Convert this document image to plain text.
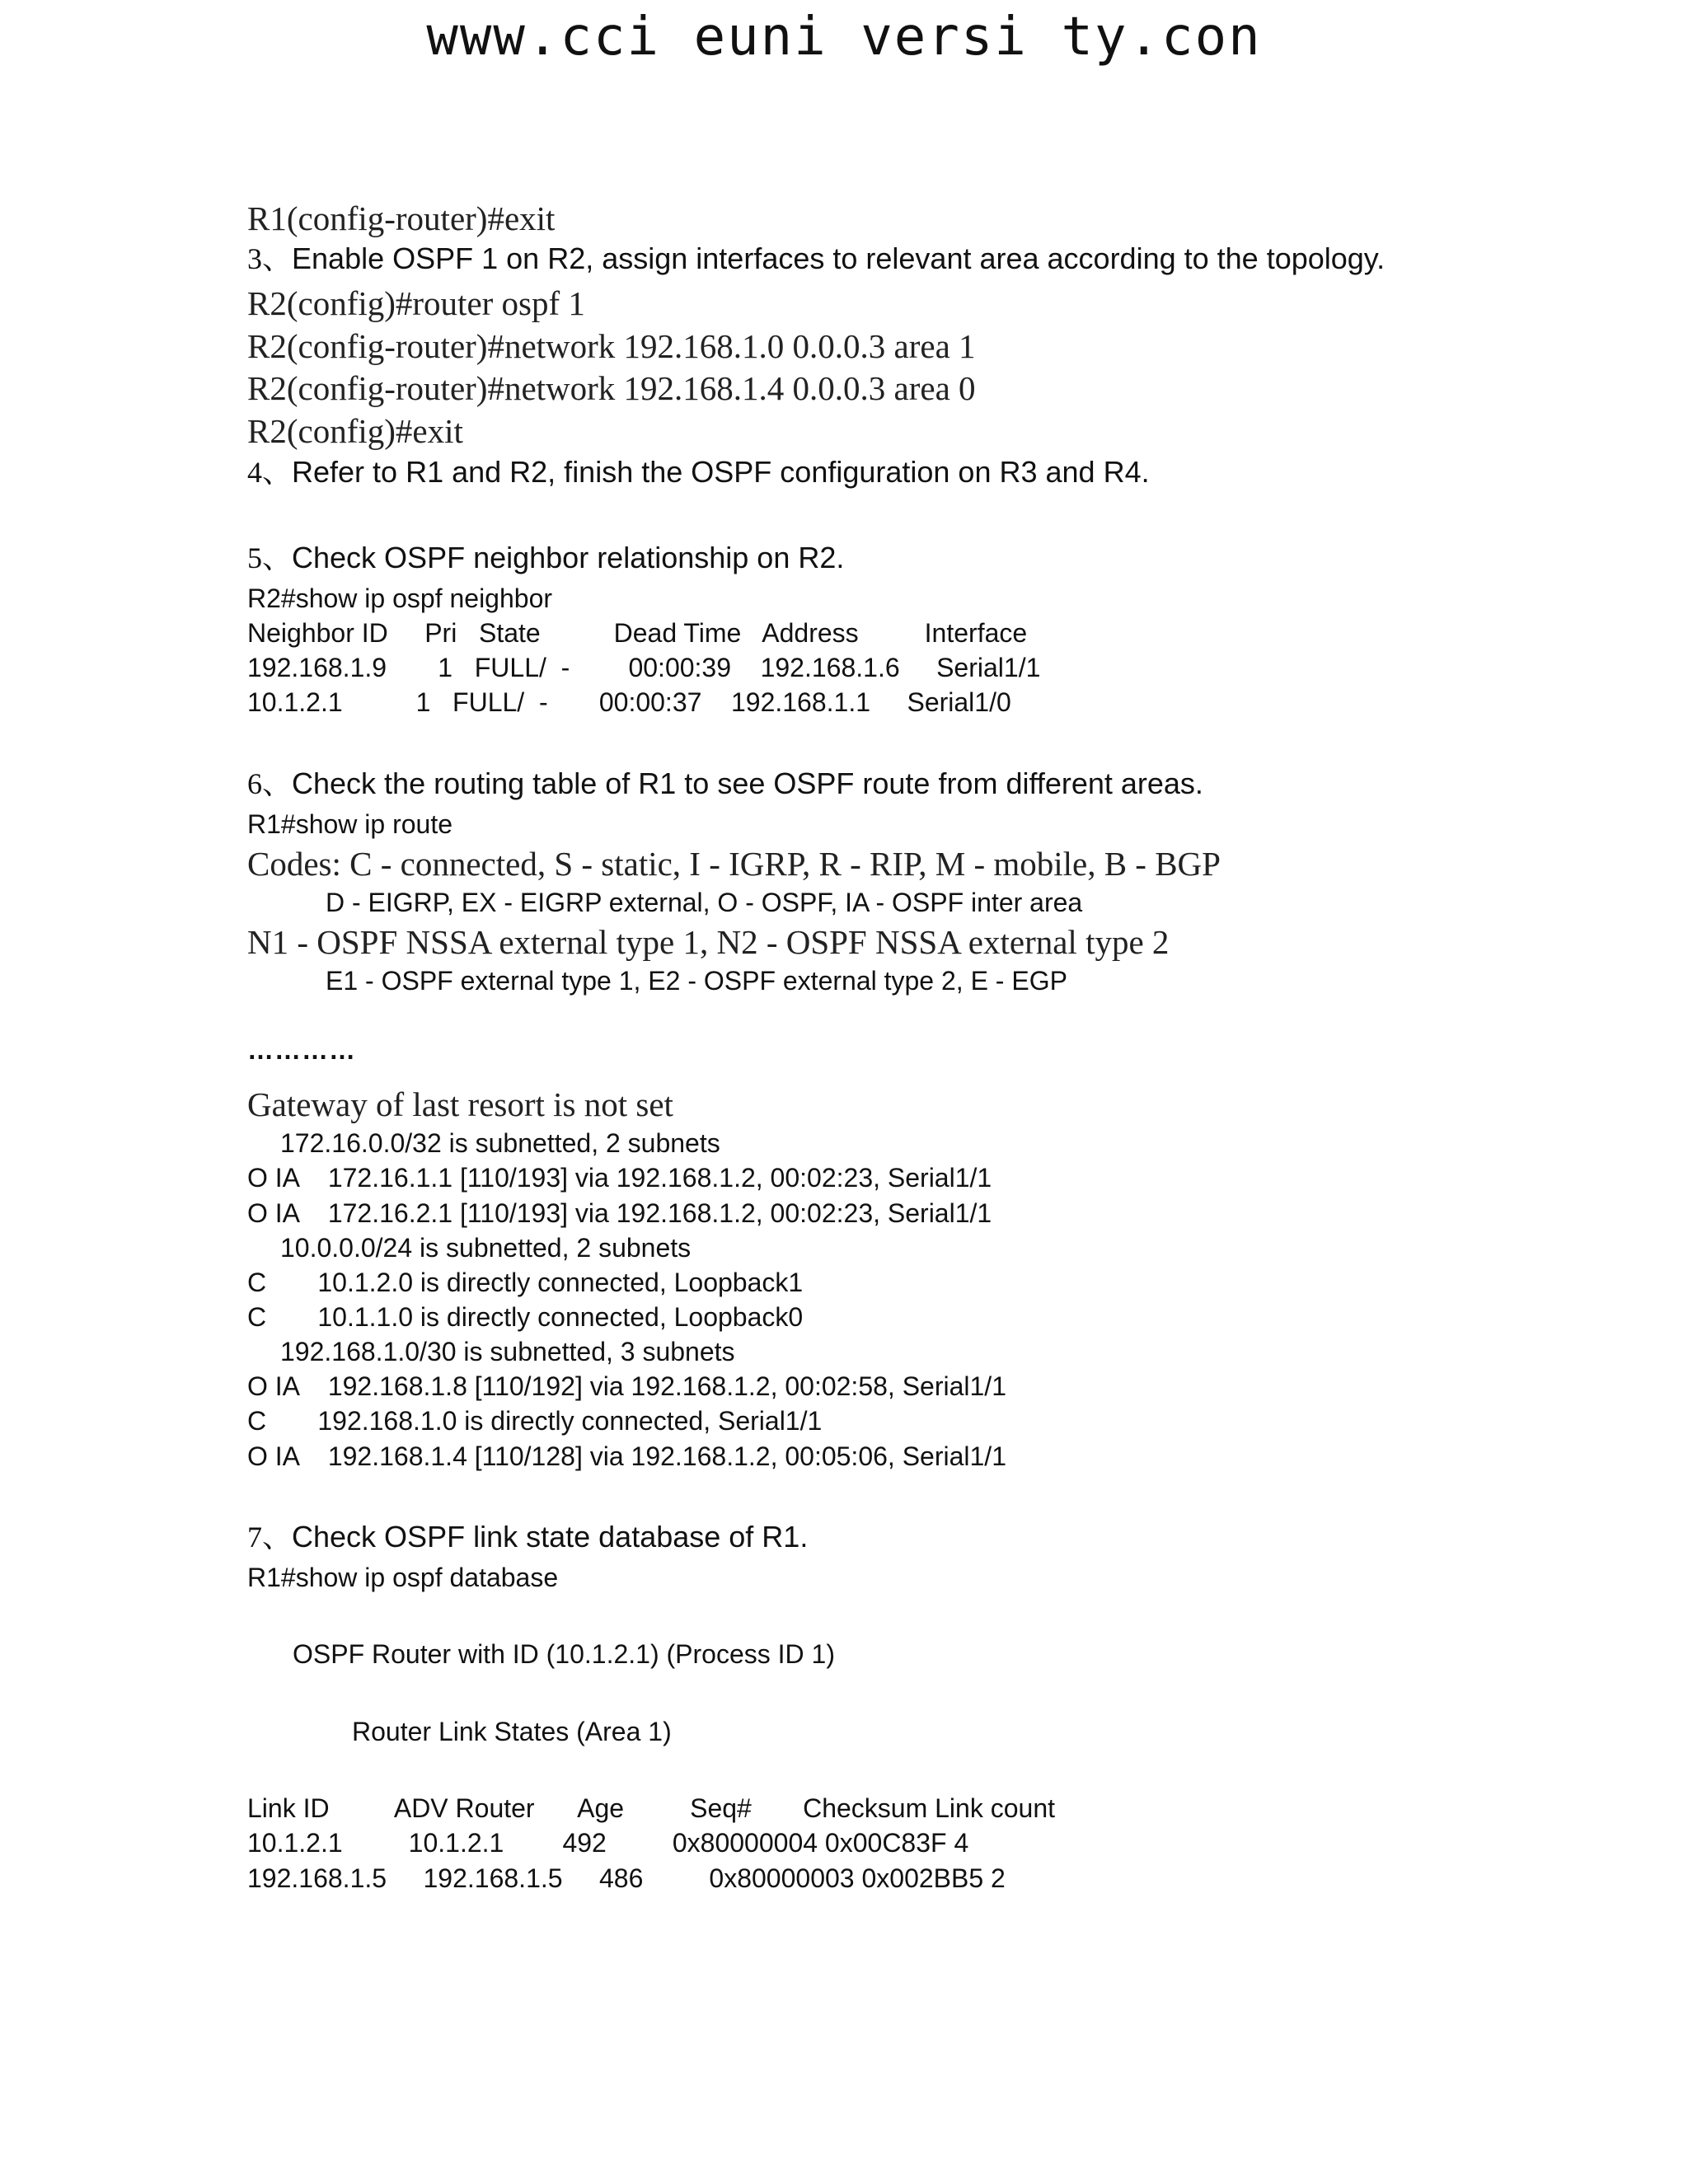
www.cci euni versi ty.con
R1(config-router)#exit
3、Enable OSPF 1 on R2, assign interfaces to relevant area according to the topology.
R2(config)#router ospf 1
R2(config-router)#network 192.168.1.0 0.0.0.3 area 1
R2(config-router)#network 192.168.1.4 0.0.0.3 area 0
R2(config)#exit
4、Refer to R1 and R2, finish the OSPF configuration on R3 and R4.
5、Check OSPF neighbor relationship on R2.
R2#show ip ospf neighbor
Neighbor ID     Pri   State          Dead Time   Address         Interface
192.168.1.9       1   FULL/  -        00:00:39    192.168.1.6     Serial1/1
10.1.2.1          1   FULL/  -       00:00:37    192.168.1.1     Serial1/0
6、Check the routing table of R1 to see OSPF route from different areas.
R1#show ip route
Codes: C - connected, S - static, I - IGRP, R - RIP, M - mobile, B - BGP
D - EIGRP, EX - EIGRP external, O - OSPF, IA - OSPF inter area
N1 - OSPF NSSA external type 1, N2 - OSPF NSSA external type 2
E1 - OSPF external type 1, E2 - OSPF external type 2, E - EGP
…………
Gateway of last resort is not set
172.16.0.0/32 is subnetted, 2 subnets
O IA    172.16.1.1 [110/193] via 192.168.1.2, 00:02:23, Serial1/1
O IA    172.16.2.1 [110/193] via 192.168.1.2, 00:02:23, Serial1/1
10.0.0.0/24 is subnetted, 2 subnets
C       10.1.2.0 is directly connected, Loopback1
C       10.1.1.0 is directly connected, Loopback0
192.168.1.0/30 is subnetted, 3 subnets
O IA    192.168.1.8 [110/192] via 192.168.1.2, 00:02:58, Serial1/1
C       192.168.1.0 is directly connected, Serial1/1
O IA    192.168.1.4 [110/128] via 192.168.1.2, 00:05:06, Serial1/1
7、Check OSPF link state database of R1.
R1#show ip ospf database
OSPF Router with ID (10.1.2.1) (Process ID 1)
Router Link States (Area 1)
Link ID         ADV Router      Age         Seq#       Checksum Link count
10.1.2.1         10.1.2.1        492         0x80000004 0x00C83F 4
192.168.1.5     192.168.1.5     486         0x80000003 0x002BB5 2
